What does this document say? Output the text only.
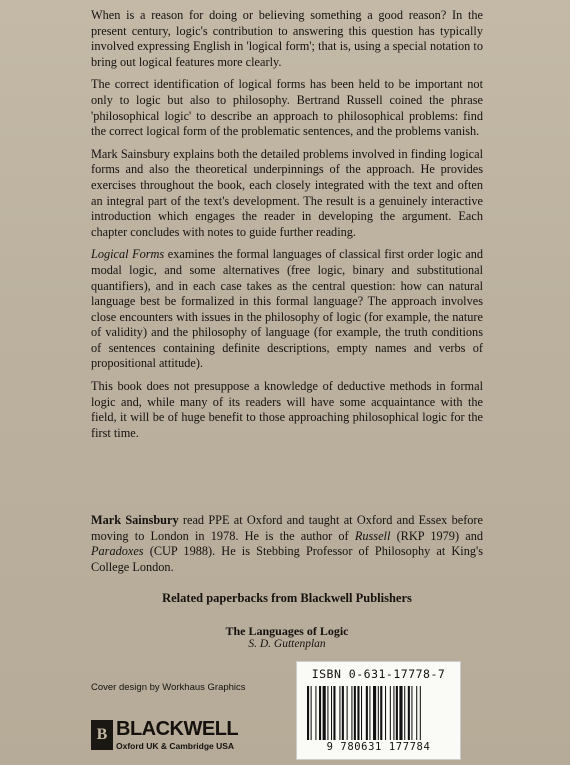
When is a reason for doing or believing something a good reason? In the present century, logic's contribution to answering this question has typically involved expressing English in 'logical form'; that is, using a special notation to bring out logical features more clearly.

The correct identification of logical forms has been held to be important not only to logic but also to philosophy. Bertrand Russell coined the phrase 'philosophical logic' to describe an approach to philosophical problems: find the correct logical form of the problematic sentences, and the problems vanish.

Mark Sainsbury explains both the detailed problems involved in finding logical forms and also the theoretical underpinnings of the approach. He provides exercises throughout the book, each closely integrated with the text and often an integral part of the text's development. The result is a genuinely interactive introduction which engages the reader in developing the argument. Each chapter concludes with notes to guide further reading.

Logical Forms examines the formal languages of classical first order logic and modal logic, and some alternatives (free logic, binary and substitutional quantifiers), and in each case takes as the central question: how can natural language best be formalized in this formal language? The approach involves close encounters with issues in the philosophy of logic (for example, the nature of validity) and the philosophy of language (for example, the truth conditions of sentences containing definite descriptions, empty names and verbs of propositional attitude).

This book does not presuppose a knowledge of deductive methods in formal logic and, while many of its readers will have some acquaintance with the field, it will be of huge benefit to those approaching philosophical logic for the first time.

Mark Sainsbury read PPE at Oxford and taught at Oxford and Essex before moving to London in 1978. He is the author of Russell (RKP 1979) and Paradoxes (CUP 1988). He is Stebbing Professor of Philosophy at King's College London.

Related paperbacks from Blackwell Publishers
The Languages of Logic
S. D. Guttenplan
Cover design by Workhaus Graphics
B BLACKWELL
Oxford UK & Cambridge USA
ISBN 0-631-17778-7
9 780631 177784
